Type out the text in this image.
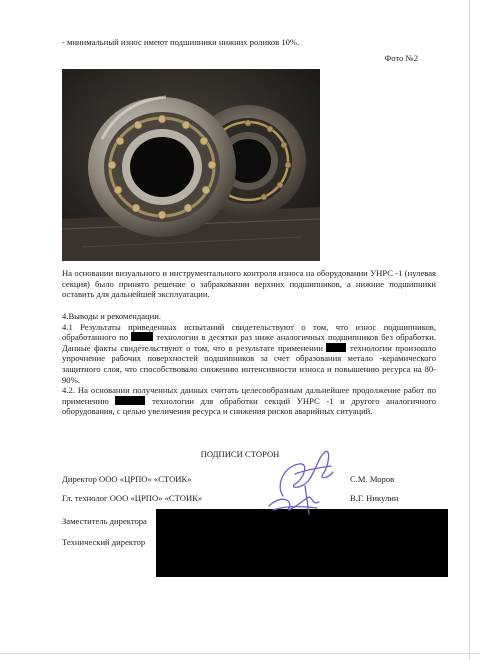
- минимальный износ имеют подшипники нижних роликов 10%.
Фото №2
На основании визуального и инструментального контроля износа на оборудовании УНРС -1 (нулевая секция) было принято решение о забраковании верхних подшипников, а нижние подшипники оставить для дальнейшей эксплуатации.
4.Выводы и рекомендации.
4.1 Результаты приведенных испытаний свидетельствуют о том, что износ подшипников, обработанного по	технологии в десятки раз ниже аналогичных подшипников без обработки. Данные факты свидетельствуют о том, что в результате применении	технологии произошло упрочнение рабочих поверхностей подшипников за счет образования метало -керамического защитного слоя, что способствовало снижению интенсивности износа и повышению ресурса на 80-90%.
4.2. На основании полученных данных считать целесообразным дальнейшее продолжение работ по применению	технологии для обработки секций УНРС -1 и другого аналогичного оборудования, с целью увеличения ресурса и снижения рисков аварийных ситуаций.
ПОДПИСИ СТОРОН
Директор ООО «ЦРПО» «СТОИК»	С.М. Моров
Гл. технолог ООО «ЦРПО» «СТОИК»	В.Г. Никулин
Заместитель директора
Технический директор
